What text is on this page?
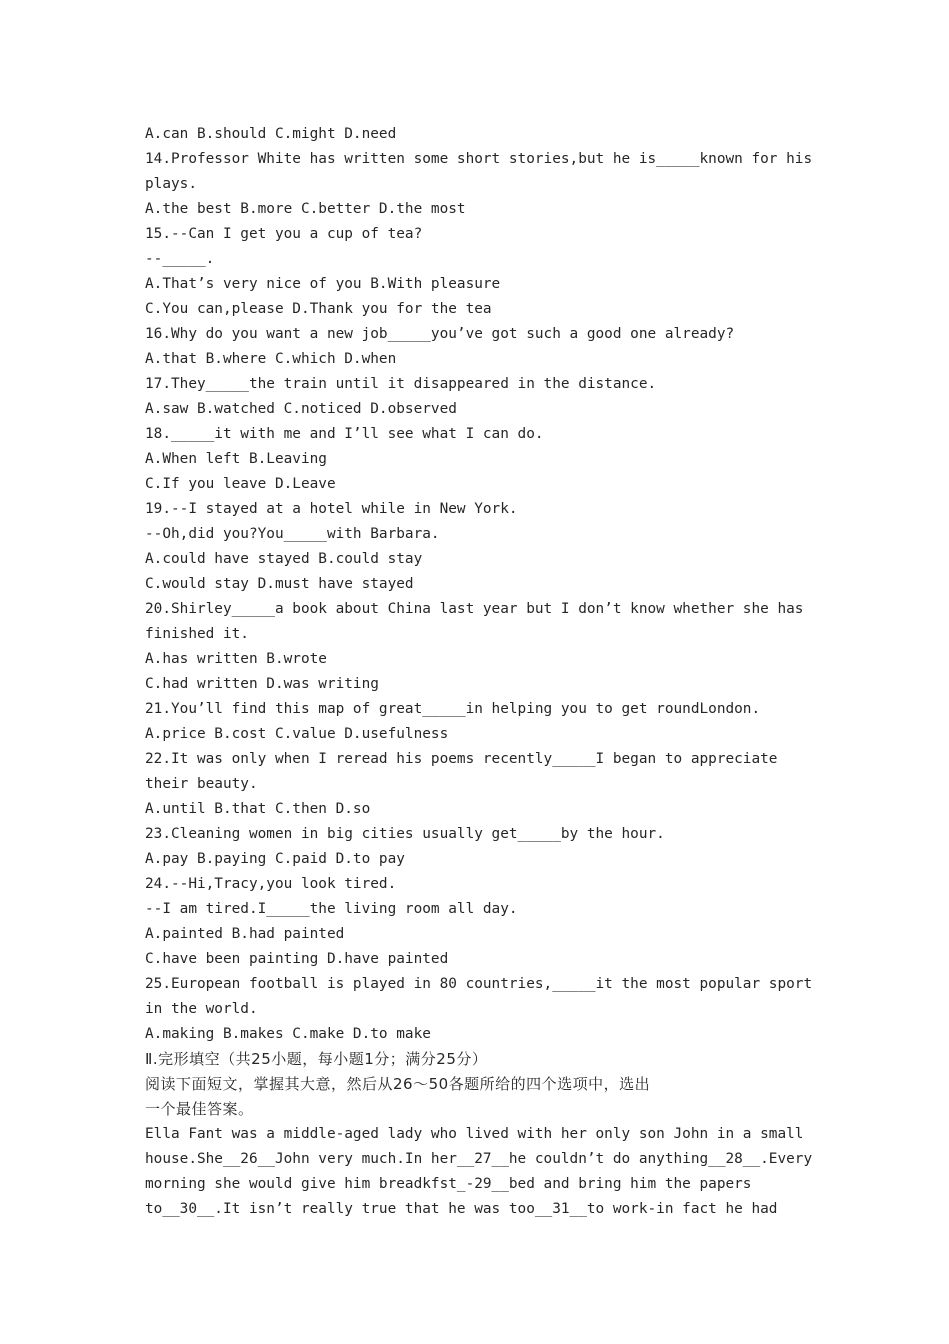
A.can B.should C.might D.need
14.Professor White has written some short stories,but he is_____known for his
plays.
A.the best B.more C.better D.the most
15.--Can I get you a cup of tea?
--_____.
A.That’s very nice of you B.With pleasure
C.You can,please D.Thank you for the tea
16.Why do you want a new job_____you’ve got such a good one already?
A.that B.where C.which D.when
17.They_____the train until it disappeared in the distance.
A.saw B.watched C.noticed D.observed
18._____it with me and I’ll see what I can do.
A.When left B.Leaving
C.If you leave D.Leave
19.--I stayed at a hotel while in New York.
--Oh,did you?You_____with Barbara.
A.could have stayed B.could stay
C.would stay D.must have stayed
20.Shirley_____a book about China last year but I don’t know whether she has
finished it.
A.has written B.wrote
C.had written D.was writing
21.You’ll find this map of great_____in helping you to get roundLondon.
A.price B.cost C.value D.usefulness
22.It was only when I reread his poems recently_____I began to appreciate
their beauty.
A.until B.that C.then D.so
23.Cleaning women in big cities usually get_____by the hour.
A.pay B.paying C.paid D.to pay
24.--Hi,Tracy,you look tired.
--I am tired.I_____the living room all day.
A.painted B.had painted
C.have been painting D.have painted
25.European football is played in 80 countries,_____it the most popular sport
in the world.
A.making B.makes C.make D.to make
Ⅱ.完形填空（共25小题，每小题1分；满分25分）
阅读下面短文，掌握其大意，然后从26～50各题所给的四个选项中，选出
一个最佳答案。
Ella Fant was a middle-aged lady who lived with her only son John in a small
house.She__26__John very much.In her__27__he couldn’t do anything__28__.Every
morning she would give him breadkfst_-29__bed and bring him the papers
to__30__.It isn’t really true that he was too__31__to work-in fact he had
